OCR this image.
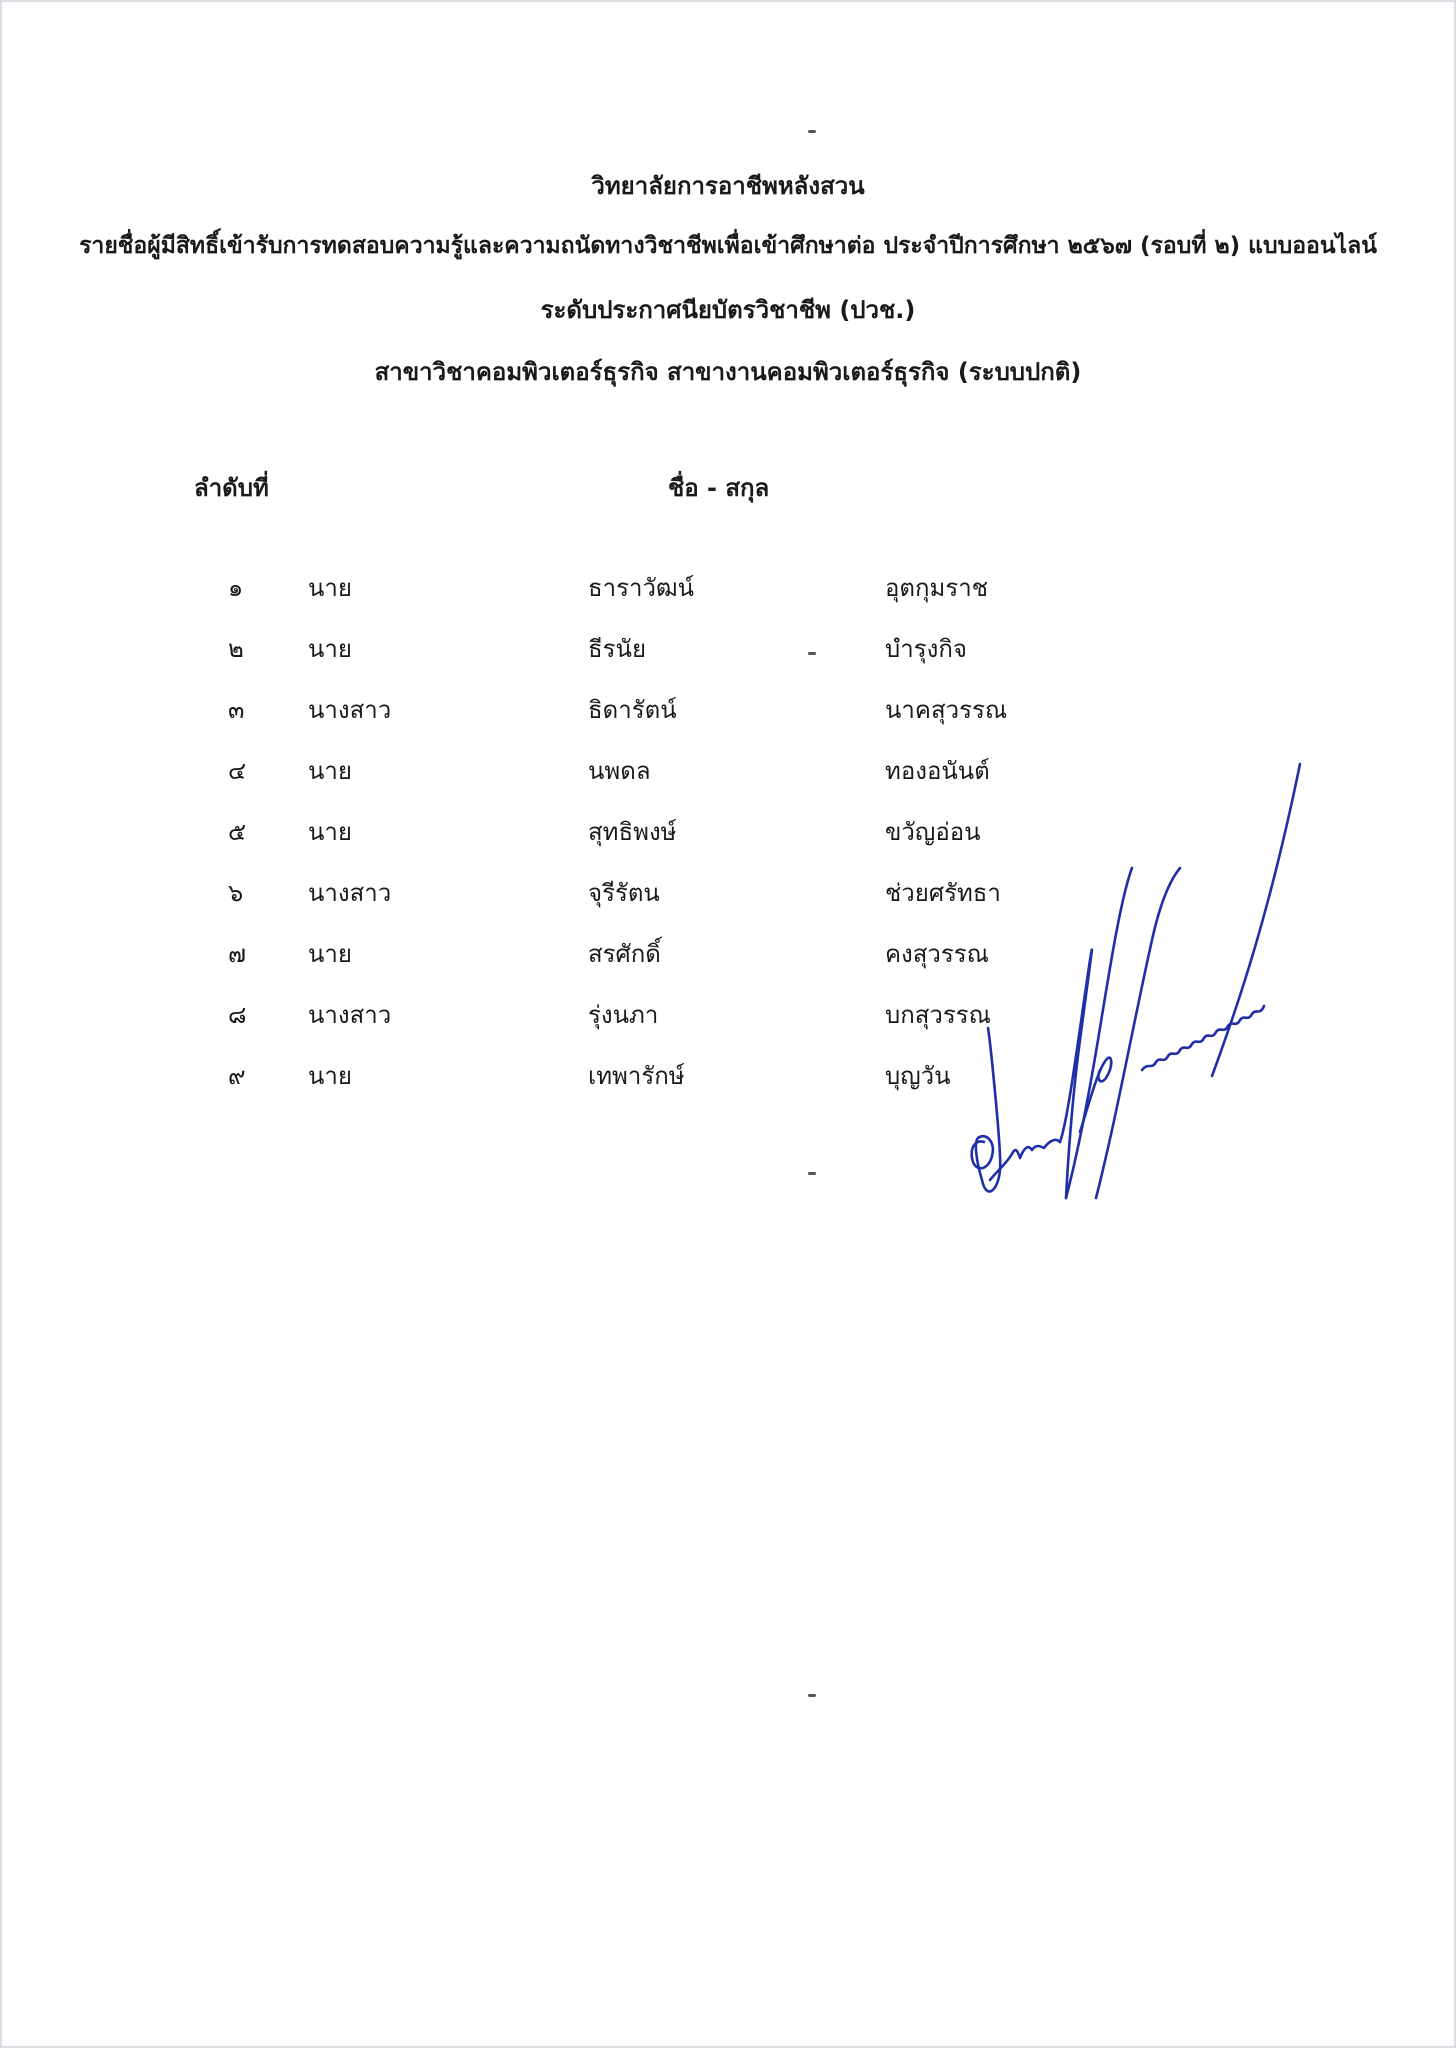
วิทยาลัยการอาชีพหลังสวน
รายชื่อผู้มีสิทธิ์เข้ารับการทดสอบความรู้และความถนัดทางวิชาชีพเพื่อเข้าศึกษาต่อ ประจำปีการศึกษา ๒๕๖๗ (รอบที่ ๒) แบบออนไลน์
ระดับประกาศนียบัตรวิชาชีพ (ปวช.)
สาขาวิชาคอมพิวเตอร์ธุรกิจ สาขางานคอมพิวเตอร์ธุรกิจ (ระบบปกติ)
ลำดับที่	ชื่อ - สกุล
๑	นาย	ธาราวัฒน์	อุตกุมราช
๒	นาย	ธีรนัย	บำรุงกิจ
๓	นางสาว	ธิดารัตน์	นาคสุวรรณ
๔	นาย	นพดล	ทองอนันต์
๕	นาย	สุทธิพงษ์	ขวัญอ่อน
๖	นางสาว	จุรีรัตน	ช่วยศรัทธา
๗	นาย	สรศักดิ์	คงสุวรรณ
๘	นางสาว	รุ่งนภา	บกสุวรรณ
๙	นาย	เทพารักษ์	บุญวัน
